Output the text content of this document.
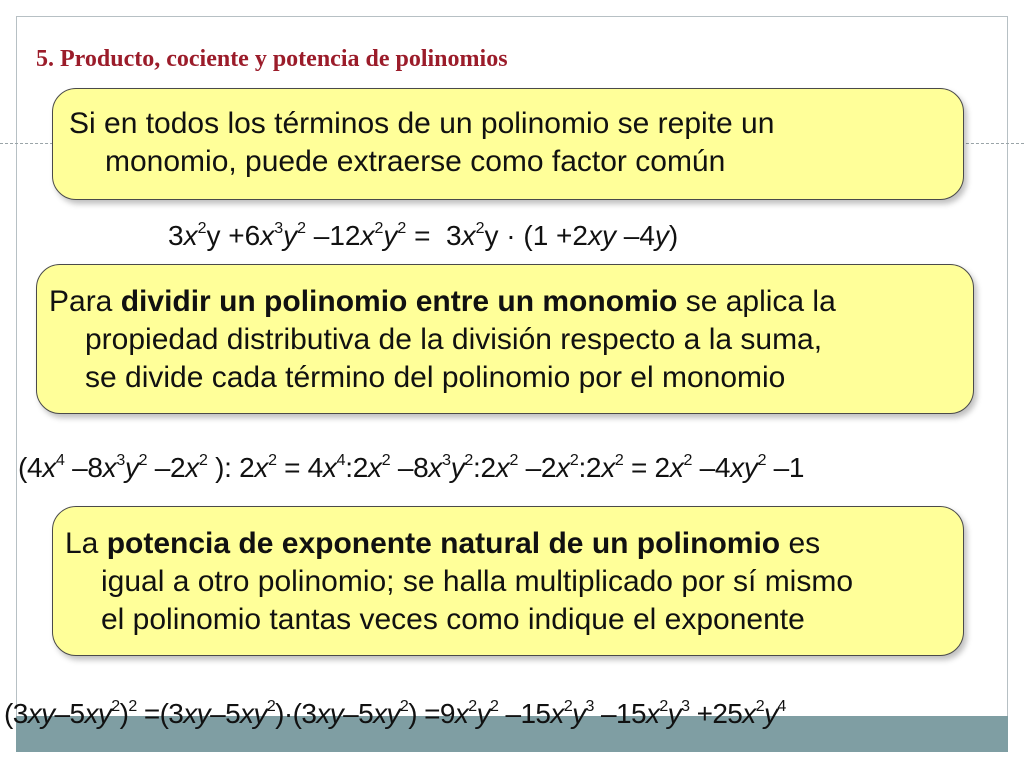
5. Producto, cociente y potencia de polinomios

Si en todos los términos de un polinomio se repite un

monomio, puede extraerse como factor común

$3x^2y +6x^3y^2$ $-12x^2y^2 = 3x^2y \cdot (1 +2xy$ –4y)

Para dividir un polinomio entre un monomio se aplica la

propiedad distributiva de la división respecto a la suma,

se divide cada término del polinomio por el monomio

($4x^4$ $-8x^3y^2$ $-2x^2$ ): $2x^2$ = $4x^4:2x^2$ $-8x^3y^2:2x^2$ $-2x^2:2x^2 = 2x^2$ $-4xy^2$ –1

La potencia de exponente natural de un polinomio es

igual a otro polinomio; se halla multiplicado por sí mismo

el polinomio tantas veces como indique el exponente

$(3xy-5xy^2)^2 =(3xy-5xy^2)\cdot(3xy-5xy^2) =9x^2y^2$ $-15x^2y^3$ $-15x^2y^3 +25x^2y^4$
